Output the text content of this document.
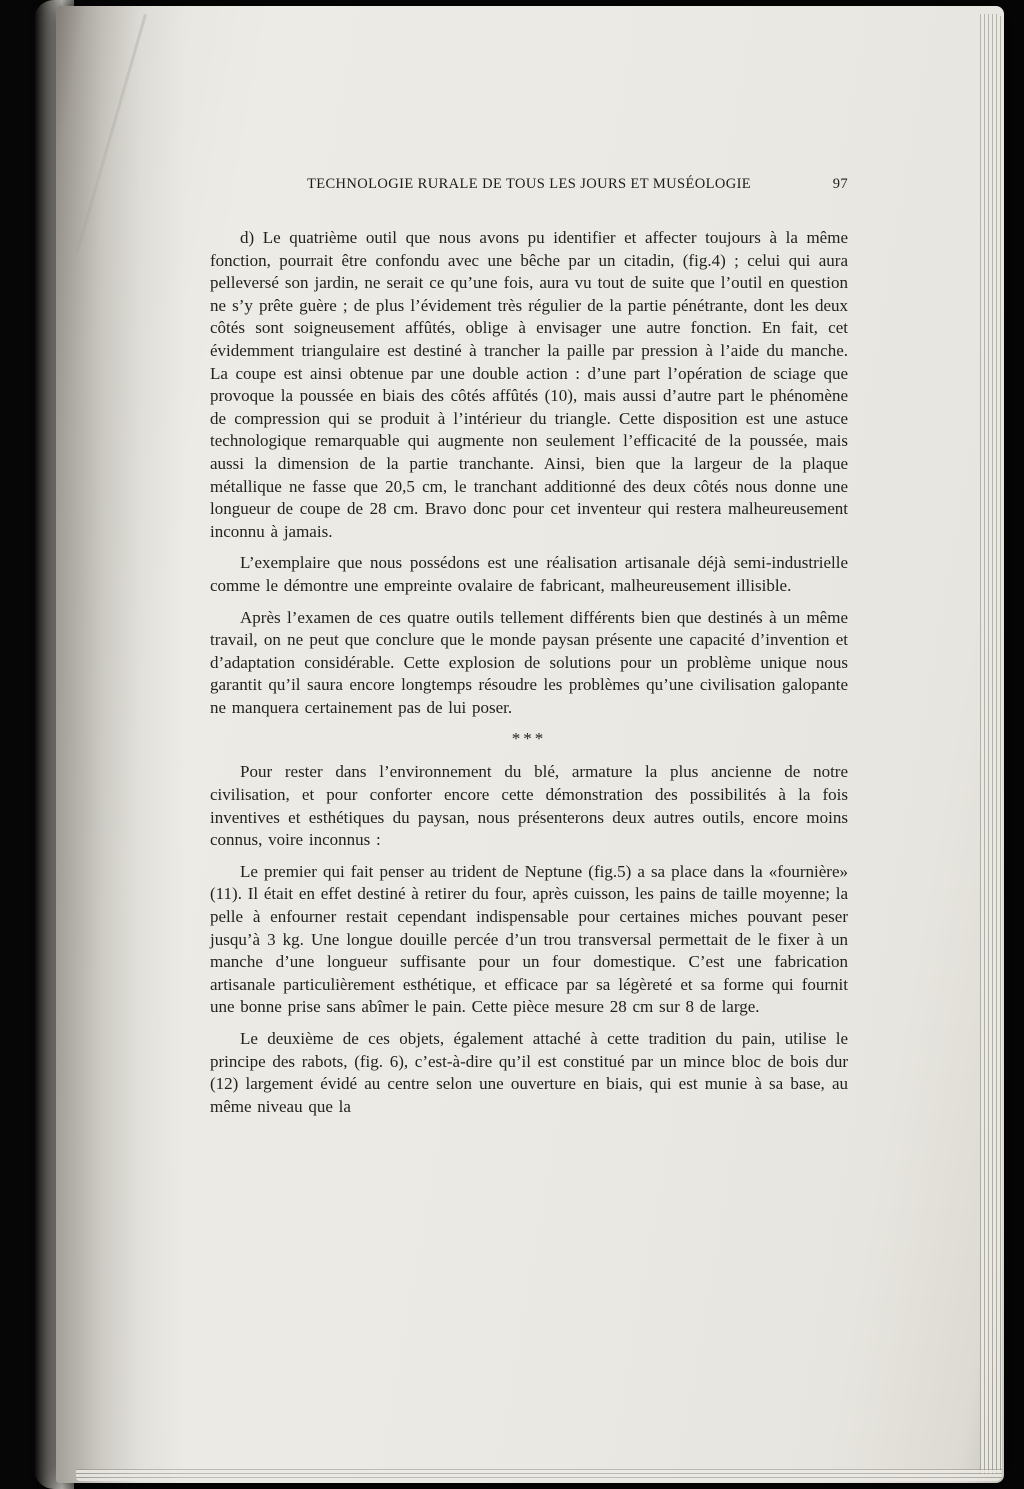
TECHNOLOGIE RURALE DE TOUS LES JOURS ET MUSÉOLOGIE	97

d) Le quatrième outil que nous avons pu identifier et affecter toujours à la même fonction, pourrait être confondu avec une bêche par un citadin, (fig.4) ; celui qui aura pelleversé son jardin, ne serait ce qu’une fois, aura vu tout de suite que l’outil en question ne s’y prête guère ; de plus l’évidement très régulier de la partie pénétrante, dont les deux côtés sont soigneusement affûtés, oblige à envisager une autre fonction. En fait, cet évidemment triangulaire est destiné à trancher la paille par pression à l’aide du manche. La coupe est ainsi obtenue par une double action : d’une part l’opération de sciage que provoque la poussée en biais des côtés affûtés (10), mais aussi d’autre part le phénomène de compression qui se produit à l’intérieur du triangle. Cette disposition est une astuce technologique remarquable qui augmente non seulement l’efficacité de la poussée, mais aussi la dimension de la partie tranchante. Ainsi, bien que la largeur de la plaque métallique ne fasse que 20,5 cm, le tranchant additionné des deux côtés nous donne une longueur de coupe de 28 cm. Bravo donc pour cet inventeur qui restera malheureusement inconnu à jamais.

L’exemplaire que nous possédons est une réalisation artisanale déjà semi-industrielle comme le démontre une empreinte ovalaire de fabricant, malheureusement illisible.

Après l’examen de ces quatre outils tellement différents bien que destinés à un même travail, on ne peut que conclure que le monde paysan présente une capacité d’invention et d’adaptation considérable. Cette explosion de solutions pour un problème unique nous garantit qu’il saura encore longtemps résoudre les problèmes qu’une civilisation galopante ne manquera certainement pas de lui poser.

***

Pour rester dans l’environnement du blé, armature la plus ancienne de notre civilisation, et pour conforter encore cette démonstration des possibilités à la fois inventives et esthétiques du paysan, nous présenterons deux autres outils, encore moins connus, voire inconnus :

Le premier qui fait penser au trident de Neptune (fig.5) a sa place dans la «fournière» (11). Il était en effet destiné à retirer du four, après cuisson, les pains de taille moyenne; la pelle à enfourner restait cependant indispensable pour certaines miches pouvant peser jusqu’à 3 kg. Une longue douille percée d’un trou transversal permettait de le fixer à un manche d’une longueur suffisante pour un four domestique. C’est une fabrication artisanale particulièrement esthétique, et efficace par sa légèreté et sa forme qui fournit une bonne prise sans abîmer le pain. Cette pièce mesure 28 cm sur 8 de large.

Le deuxième de ces objets, également attaché à cette tradition du pain, utilise le principe des rabots, (fig. 6), c’est-à-dire qu’il est constitué par un mince bloc de bois dur (12) largement évidé au centre selon une ouverture en biais, qui est munie à sa base, au même niveau que la
